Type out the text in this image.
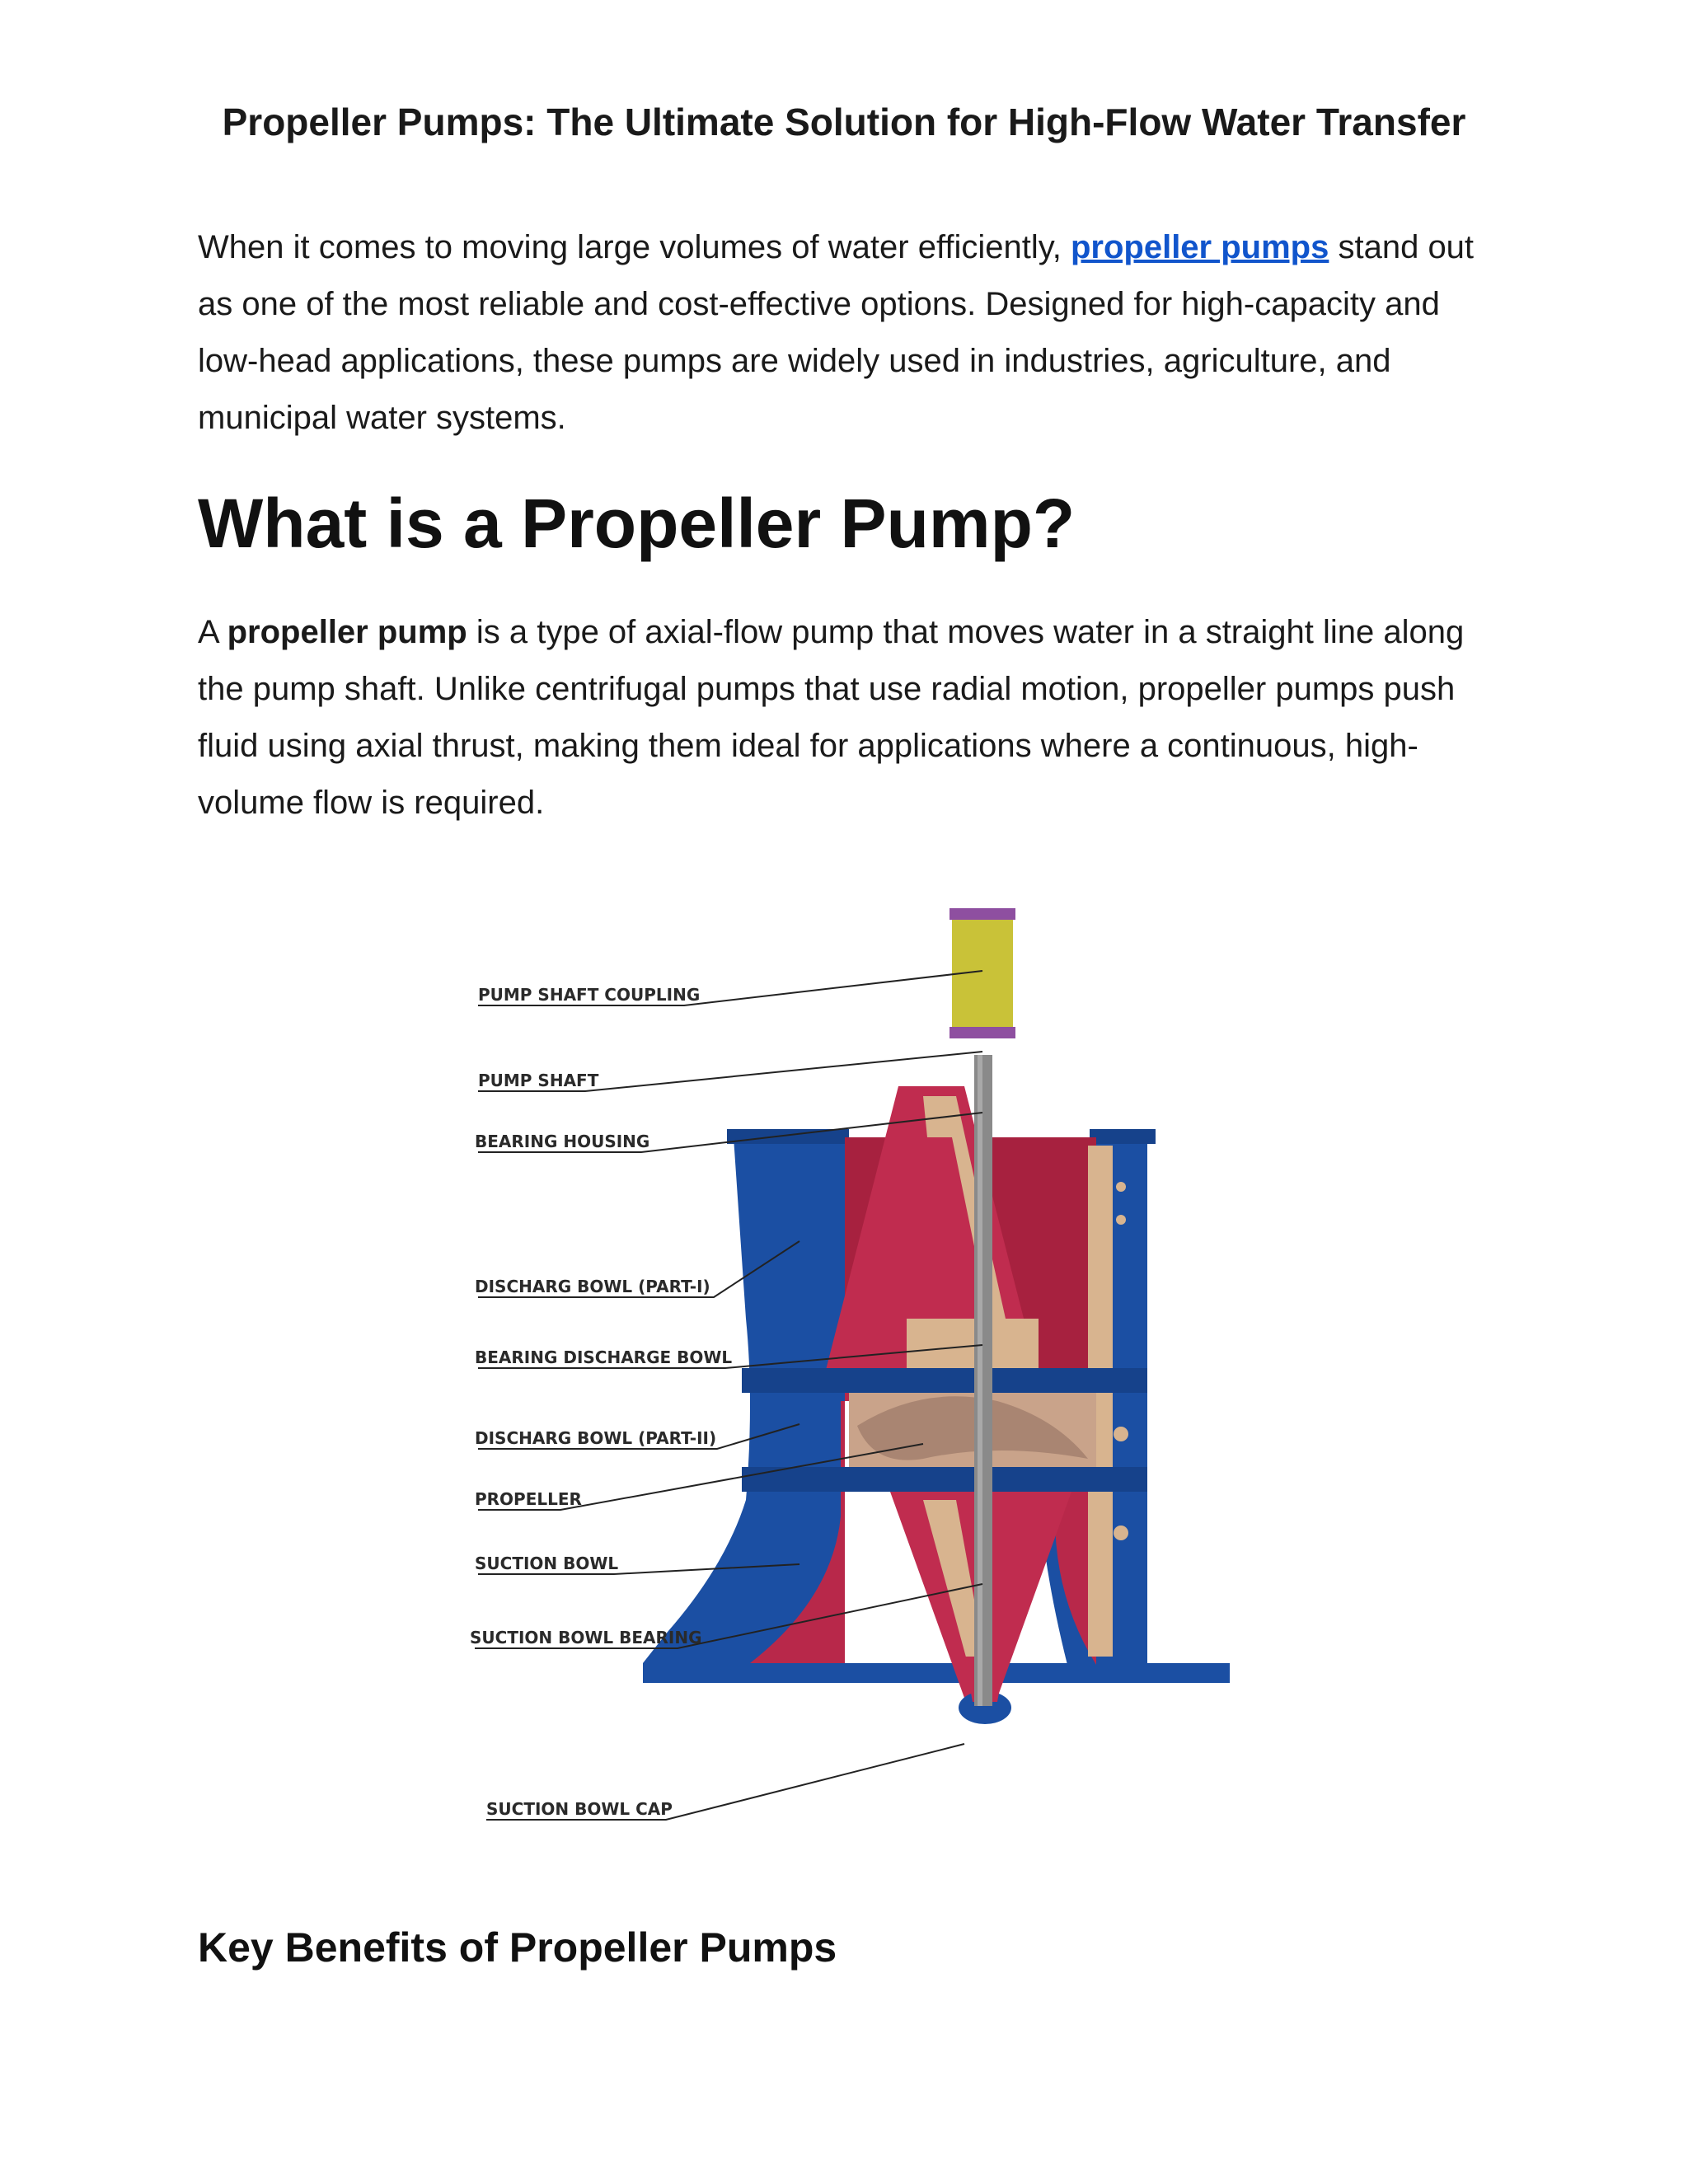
Propeller Pumps: The Ultimate Solution for High-Flow Water Transfer

When it comes to moving large volumes of water efficiently, propeller pumps stand out as one of the most reliable and cost-effective options. Designed for high-capacity and low-head applications, these pumps are widely used in industries, agriculture, and municipal water systems.

What is a Propeller Pump?

A propeller pump is a type of axial-flow pump that moves water in a straight line along the pump shaft. Unlike centrifugal pumps that use radial motion, propeller pumps push fluid using axial thrust, making them ideal for applications where a continuous, high-volume flow is required.

PUMP SHAFT COUPLING
PUMP SHAFT
BEARING HOUSING
DISCHARG BOWL (PART-I)
BEARING DISCHARGE BOWL
DISCHARG BOWL (PART-II)
PROPELLER
SUCTION BOWL
SUCTION BOWL BEARING
SUCTION BOWL CAP
Key Benefits of Propeller Pumps
